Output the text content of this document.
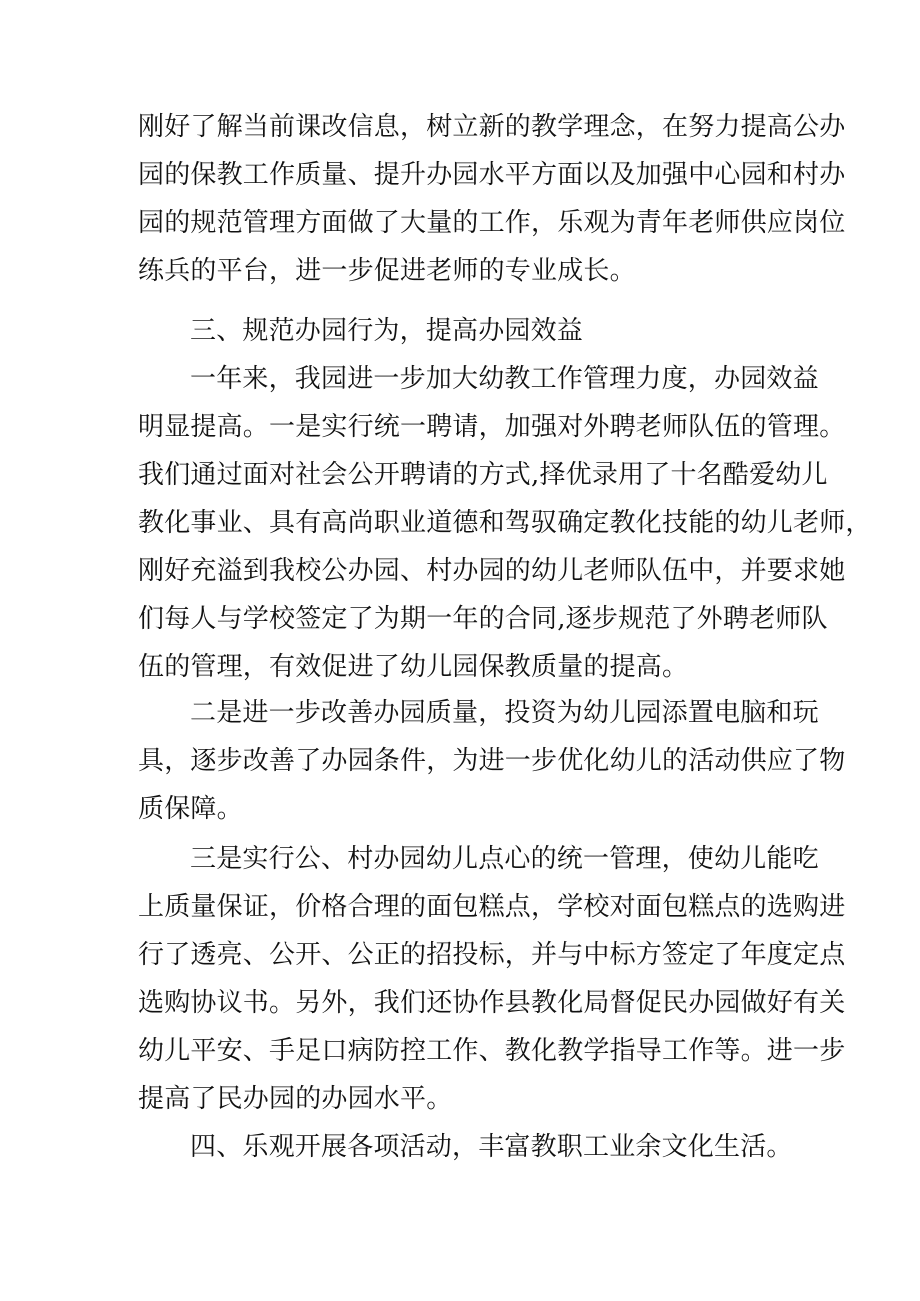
刚好了解当前课改信息，树立新的教学理念，在努力提高公办
园的保教工作质量、提升办园水平方面以及加强中心园和村办
园的规范管理方面做了大量的工作，乐观为青年老师供应岗位
练兵的平台，进一步促进老师的专业成长。
三、规范办园行为，提高办园效益
一年来，我园进一步加大幼教工作管理力度，办园效益
明显提高。一是实行统一聘请，加强对外聘老师队伍的管理。
我们通过面对社会公开聘请的方式,择优录用了十名酷爱幼儿
教化事业、具有高尚职业道德和驾驭确定教化技能的幼儿老师，
刚好充溢到我校公办园、村办园的幼儿老师队伍中，并要求她
们每人与学校签定了为期一年的合同,逐步规范了外聘老师队
伍的管理，有效促进了幼儿园保教质量的提高。
二是进一步改善办园质量，投资为幼儿园添置电脑和玩
具，逐步改善了办园条件，为进一步优化幼儿的活动供应了物
质保障。
三是实行公、村办园幼儿点心的统一管理，使幼儿能吃
上质量保证，价格合理的面包糕点，学校对面包糕点的选购进
行了透亮、公开、公正的招投标，并与中标方签定了年度定点
选购协议书。另外，我们还协作县教化局督促民办园做好有关
幼儿平安、手足口病防控工作、教化教学指导工作等。进一步
提高了民办园的办园水平。
四、乐观开展各项活动，丰富教职工业余文化生活。
